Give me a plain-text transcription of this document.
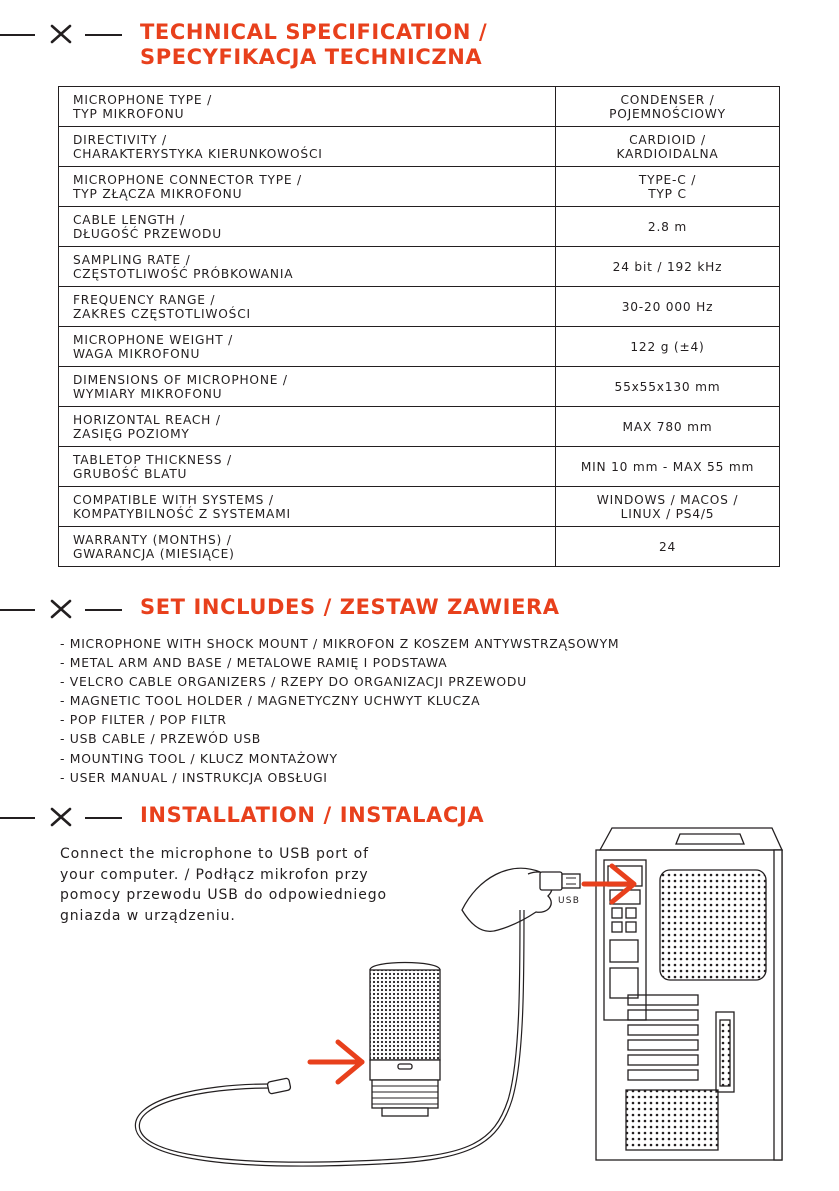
TECHNICAL SPECIFICATION /
SPECYFIKACJA TECHNICZNA
MICROPHONE TYPE /
TYP MIKROFONU	CONDENSER /
POJEMNOŚCIOWY

DIRECTIVITY /
CHARAKTERYSTYKA KIERUNKOWOŚCI	CARDIOID /
KARDIOIDALNA

MICROPHONE CONNECTOR TYPE /
TYP ZŁĄCZA MIKROFONU	TYPE-C /
TYP C

CABLE LENGTH /
DŁUGOŚĆ PRZEWODU	2.8 m

SAMPLING RATE /
CZĘSTOTLIWOŚĆ PRÓBKOWANIA	24 bit / 192 kHz

FREQUENCY RANGE /
ZAKRES CZĘSTOTLIWOŚCI	30-20 000 Hz

MICROPHONE WEIGHT /
WAGA MIKROFONU	122 g (±4)

DIMENSIONS OF MICROPHONE /
WYMIARY MIKROFONU	55x55x130 mm

HORIZONTAL REACH /
ZASIĘG POZIOMY	MAX 780 mm

TABLETOP THICKNESS /
GRUBOŚĆ BLATU	MIN 10 mm - MAX 55 mm

COMPATIBLE WITH SYSTEMS /
KOMPATYBILNOŚĆ Z SYSTEMAMI	WINDOWS / MACOS /
LINUX / PS4/5

WARRANTY (MONTHS) /
GWARANCJA (MIESIĄCE)	24
SET INCLUDES / ZESTAW ZAWIERA
- MICROPHONE WITH SHOCK MOUNT / MIKROFON Z KOSZEM ANTYWSTRZĄSOWYM
- METAL ARM AND BASE / METALOWE RAMIĘ I PODSTAWA
- VELCRO CABLE ORGANIZERS / RZEPY DO ORGANIZACJI PRZEWODU
- MAGNETIC TOOL HOLDER / MAGNETYCZNY UCHWYT KLUCZA
- POP FILTER / POP FILTR
- USB CABLE / PRZEWÓD USB
- MOUNTING TOOL / KLUCZ MONTAŻOWY
- USER MANUAL / INSTRUKCJA OBSŁUGI
INSTALLATION / INSTALACJA
Connect the microphone to USB port of
your computer. / Podłącz mikrofon przy
pomocy przewodu USB do odpowiedniego
gniazda w urządzeniu.
USB
